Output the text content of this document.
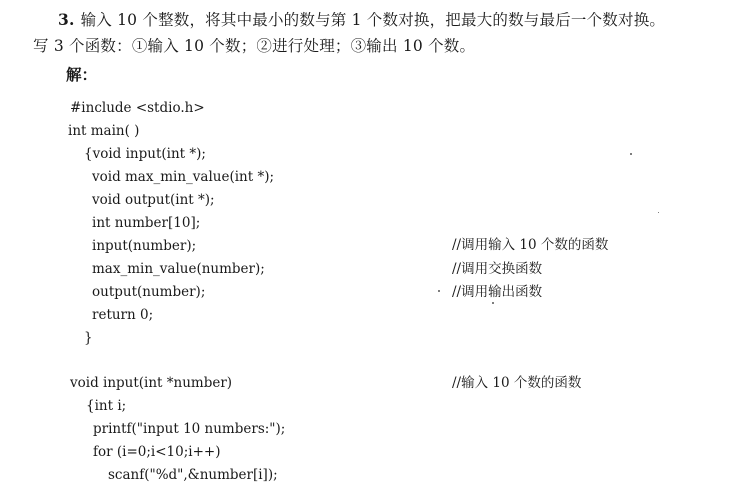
3. 输入 10 个整数，将其中最小的数与第 1 个数对换，把最大的数与最后一个数对换。
写 3 个函数：①输入 10 个数；②进行处理；③输出 10 个数。
解：
#include <stdio.h>
int main( )
{void input(int *);
void max_min_value(int *);
void output(int *);
int number[10];
input(number);
max_min_value(number);
output(number);
return 0;
}
void input(int *number)
{int i;
printf("input 10 numbers:");
for (i=0;i<10;i++)
scanf("%d",&number[i]);
//调用输入 10 个数的函数
//调用交换函数
//调用输出函数
//输入 10 个数的函数
